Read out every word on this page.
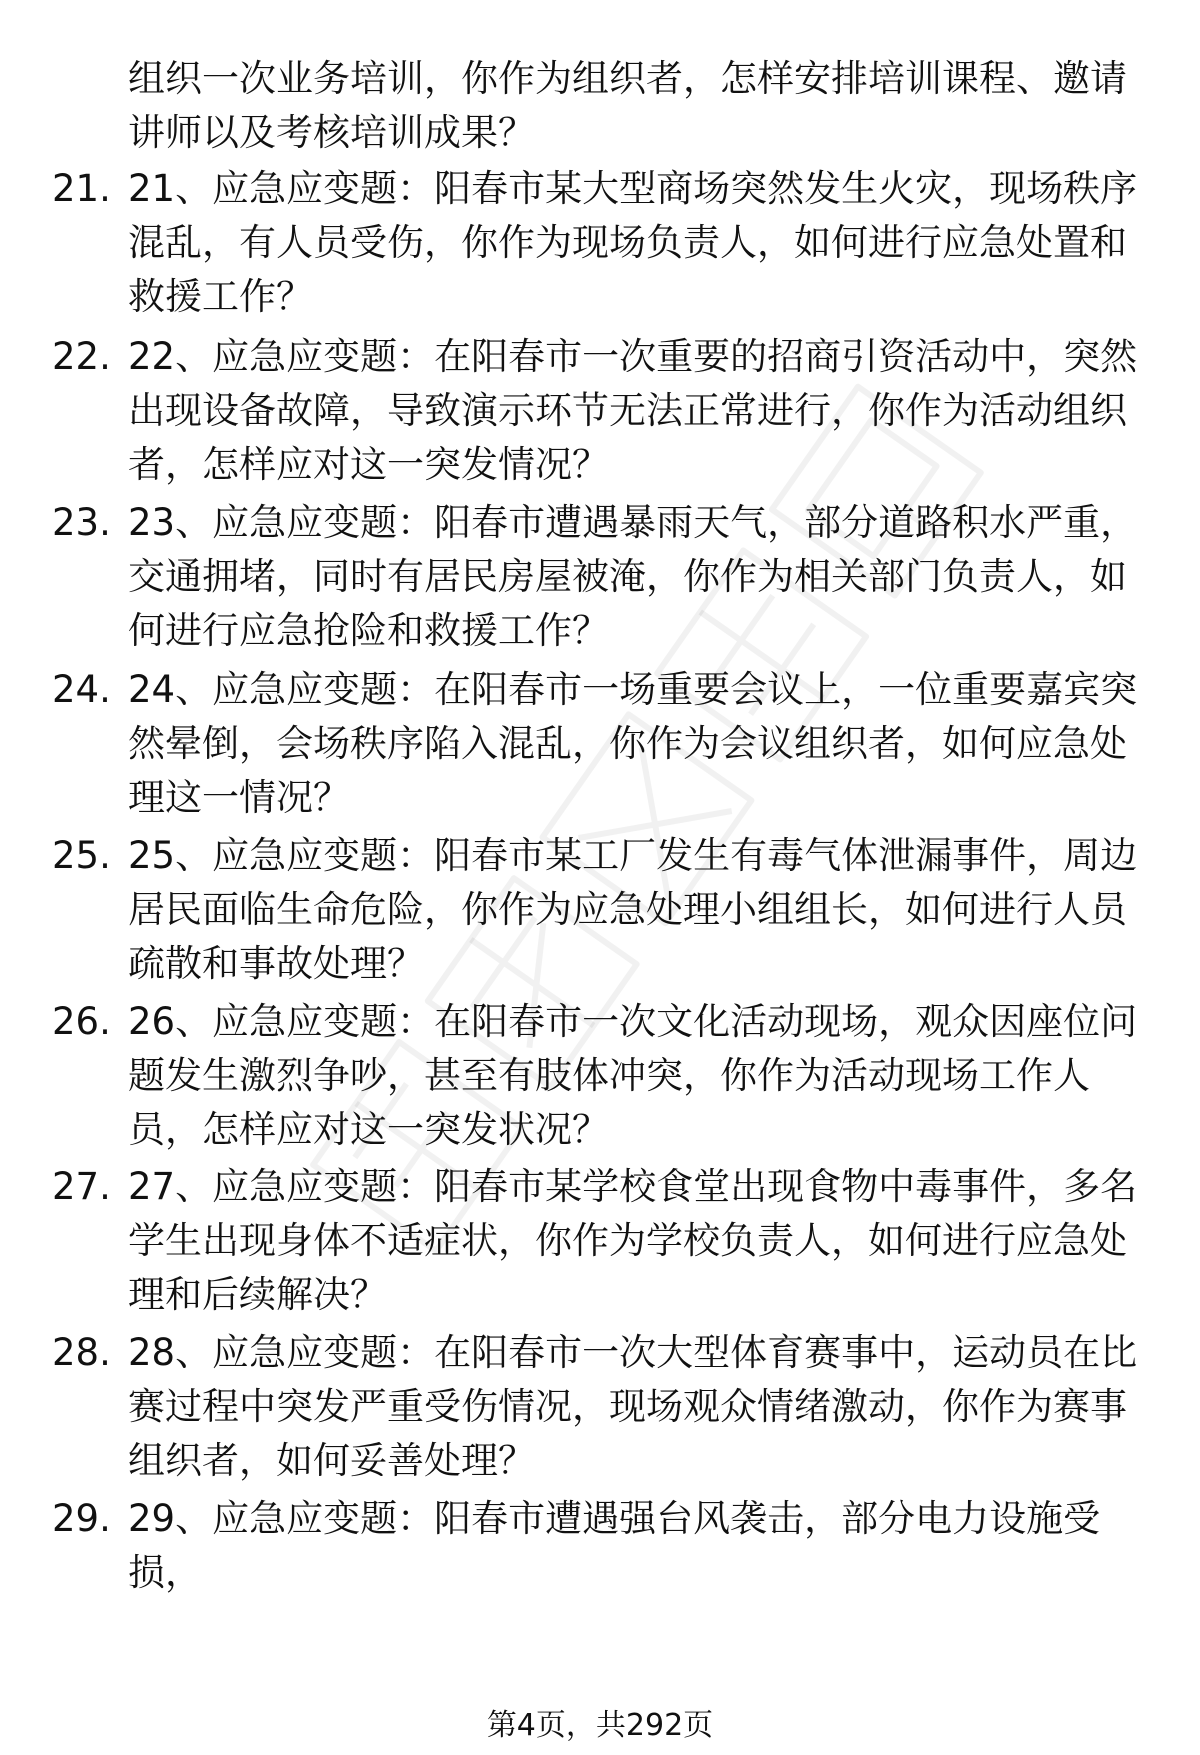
组织一次业务培训，你作为组织者，怎样安排培训课程、邀请讲师以及考核培训成果？
21. 21、应急应变题：阳春市某大型商场突然发生火灾，现场秩序混乱，有人员受伤，你作为现场负责人，如何进行应急处置和救援工作？
22. 22、应急应变题：在阳春市一次重要的招商引资活动中，突然出现设备故障，导致演示环节无法正常进行，你作为活动组织者，怎样应对这一突发情况？
23. 23、应急应变题：阳春市遭遇暴雨天气，部分道路积水严重，交通拥堵，同时有居民房屋被淹，你作为相关部门负责人，如何进行应急抢险和救援工作？
24. 24、应急应变题：在阳春市一场重要会议上，一位重要嘉宾突然晕倒，会场秩序陷入混乱，你作为会议组织者，如何应急处理这一情况？
25. 25、应急应变题：阳春市某工厂发生有毒气体泄漏事件，周边居民面临生命危险，你作为应急处理小组组长，如何进行人员疏散和事故处理？
26. 26、应急应变题：在阳春市一次文化活动现场，观众因座位问题发生激烈争吵，甚至有肢体冲突，你作为活动现场工作人员，怎样应对这一突发状况？
27. 27、应急应变题：阳春市某学校食堂出现食物中毒事件，多名学生出现身体不适症状，你作为学校负责人，如何进行应急处理和后续解决？
28. 28、应急应变题：在阳春市一次大型体育赛事中，运动员在比赛过程中突发严重受伤情况，现场观众情绪激动，你作为赛事组织者，如何妥善处理？
29. 29、应急应变题：阳春市遭遇强台风袭击，部分电力设施受损，
第4页，共292页
